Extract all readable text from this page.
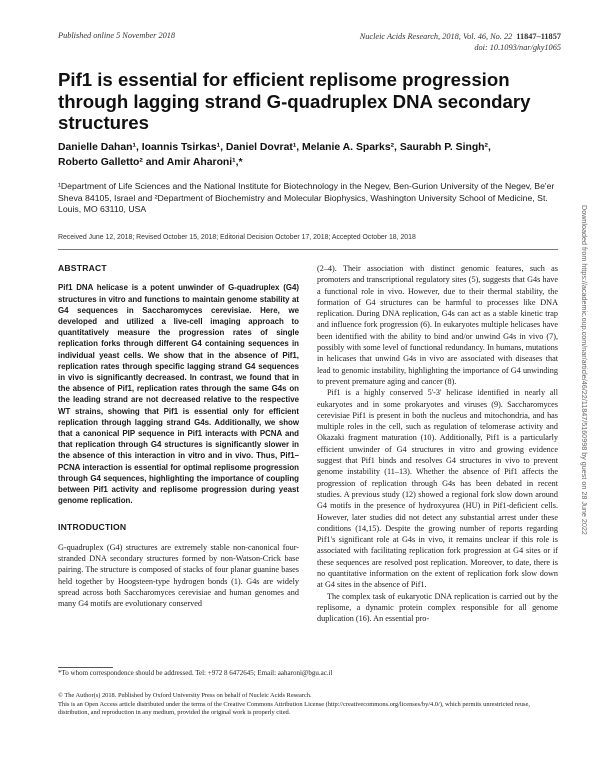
Published online 5 November 2018	Nucleic Acids Research, 2018, Vol. 46, No. 22 11847–11857
doi: 10.1093/nar/gky1065
Pif1 is essential for efficient replisome progression through lagging strand G-quadruplex DNA secondary structures
Danielle Dahan¹, Ioannis Tsirkas¹, Daniel Dovrat¹, Melanie A. Sparks², Saurabh P. Singh²,
Roberto Galletto² and Amir Aharoni¹,*
¹Department of Life Sciences and the National Institute for Biotechnology in the Negev, Ben-Gurion University of the Negev, Be'er Sheva 84105, Israel and ²Department of Biochemistry and Molecular Biophysics, Washington University School of Medicine, St. Louis, MO 63110, USA
Received June 12, 2018; Revised October 15, 2018; Editorial Decision October 17, 2018; Accepted October 18, 2018
ABSTRACT

Pif1 DNA helicase is a potent unwinder of G-quadruplex (G4) structures in vitro and functions to maintain genome stability at G4 sequences in Saccharomyces cerevisiae. Here, we developed and utilized a live-cell imaging approach to quantitatively measure the progression rates of single replication forks through different G4 containing sequences in individual yeast cells. We show that in the absence of Pif1, replication rates through specific lagging strand G4 sequences in vivo is significantly decreased. In contrast, we found that in the absence of Pif1, replication rates through the same G4s on the leading strand are not decreased relative to the respective WT strains, showing that Pif1 is essential only for efficient replication through lagging strand G4s. Additionally, we show that a canonical PIP sequence in Pif1 interacts with PCNA and that replication through G4 structures is significantly slower in the absence of this interaction in vitro and in vivo. Thus, Pif1–PCNA interaction is essential for optimal replisome progression through G4 sequences, highlighting the importance of coupling between Pif1 activity and replisome progression during yeast genome replication.

INTRODUCTION

G-quadruplex (G4) structures are extremely stable non-canonical four-stranded DNA secondary structures formed by non-Watson-Crick base pairing. The structure is composed of stacks of four planar guanine bases held together by Hoogsteen-type hydrogen bonds (1). G4s are widely spread across both Saccharomyces cerevisiae and human genomes and many G4 motifs are evolutionary conserved

(2–4). Their association with distinct genomic features, such as promoters and transcriptional regulatory sites (5), suggests that G4s have a functional role in vivo. However, due to their thermal stability, the formation of G4 structures can be harmful to processes like DNA replication. During DNA replication, G4s can act as a stable kinetic trap and influence fork progression (6). In eukaryotes multiple helicases have been identified with the ability to bind and/or unwind G4s in vivo (7), possibly with some level of functional redundancy. In humans, mutations in helicases that unwind G4s in vivo are associated with diseases that lead to genomic instability, highlighting the importance of G4 unwinding to prevent premature aging and cancer (8).

Pif1 is a highly conserved 5'-3' helicase identified in nearly all eukaryotes and in some prokaryotes and viruses (9). Saccharomyces cerevisiae Pif1 is present in both the nucleus and mitochondria, and has multiple roles in the cell, such as regulation of telomerase activity and Okazaki fragment maturation (10). Additionally, Pif1 is a particularly efficient unwinder of G4 structures in vitro and growing evidence suggest that Pif1 binds and resolves G4 structures in vivo to prevent genome instability (11–13). Whether the absence of Pif1 affects the progression of replication through G4s has been debated in recent studies. A previous study (12) showed a regional fork slow down around G4 motifs in the presence of hydroxyurea (HU) in Pif1-deficient cells. However, later studies did not detect any substantial arrest under these conditions (14,15). Despite the growing number of reports regarding Pif1's significant role at G4s in vivo, it remains unclear if this role is associated with facilitating replication fork progression at G4 sites or if these sequences are resolved post replication. Moreover, to date, there is no quantitative information on the extent of replication fork slow down at G4 sites in the absence of Pif1.

The complex task of eukaryotic DNA replication is carried out by the replisome, a dynamic protein complex responsible for all genome duplication (16). An essential pro-

*To whom correspondence should be addressed. Tel: +972 8 6472645; Email: aaharoni@bgu.ac.il
© The Author(s) 2018. Published by Oxford University Press on behalf of Nucleic Acids Research.
This is an Open Access article distributed under the terms of the Creative Commons Attribution License (http://creativecommons.org/licenses/by/4.0/), which permits unrestricted reuse, distribution, and reproduction in any medium, provided the original work is properly cited.
Downloaded from https://academic.oup.com/nar/article/46/22/11847/5160998 by guest on 28 June 2022
